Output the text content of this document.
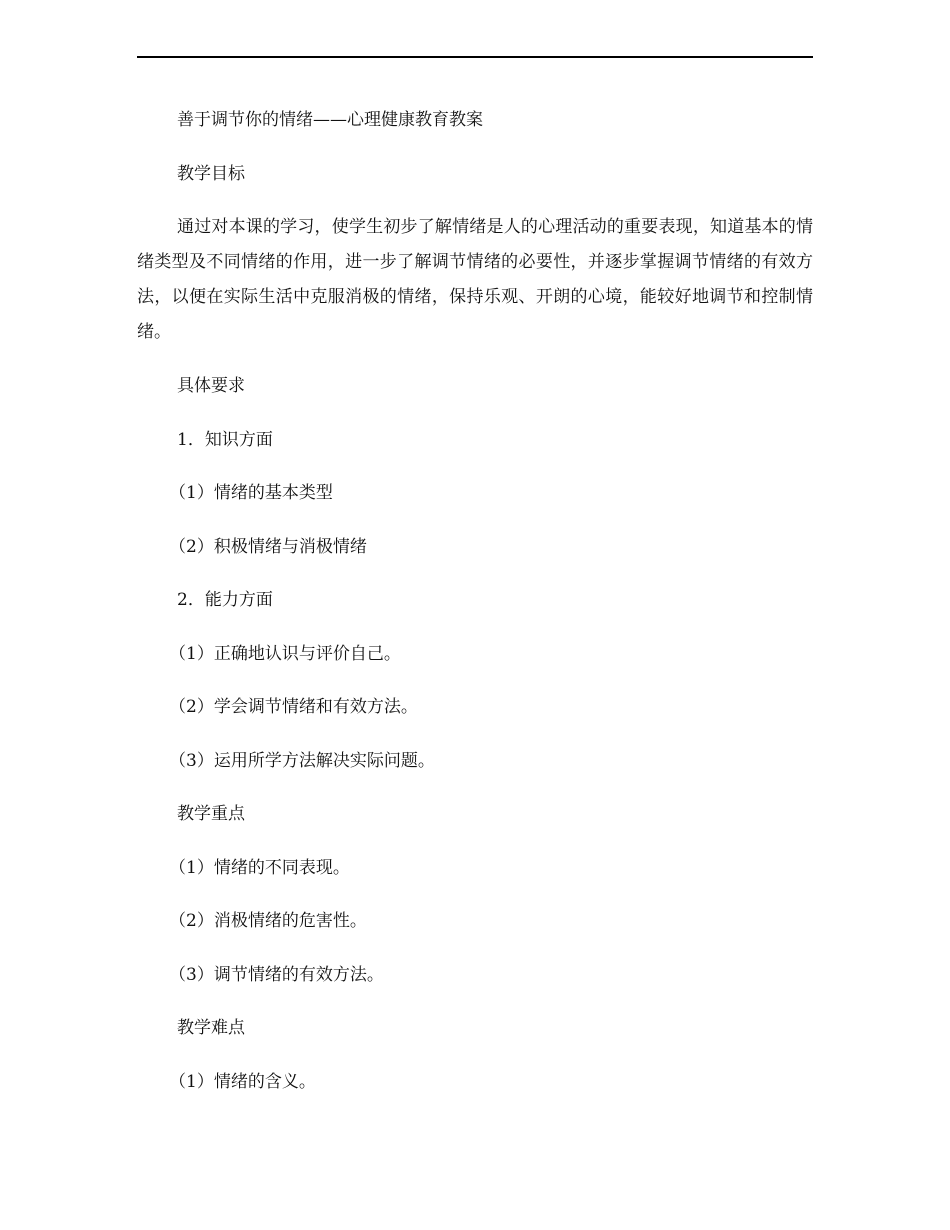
善于调节你的情绪——心理健康教育教案

教学目标

通过对本课的学习，使学生初步了解情绪是人的心理活动的重要表现，知道基本的情绪类型及不同情绪的作用，进一步了解调节情绪的必要性，并逐步掌握调节情绪的有效方法，以便在实际生活中克服消极的情绪，保持乐观、开朗的心境，能较好地调节和控制情绪。

具体要求

1．知识方面

（1）情绪的基本类型

（2）积极情绪与消极情绪

2．能力方面

（1）正确地认识与评价自己。

（2）学会调节情绪和有效方法。

（3）运用所学方法解决实际问题。

教学重点

（1）情绪的不同表现。

（2）消极情绪的危害性。

（3）调节情绪的有效方法。

教学难点

（1）情绪的含义。
